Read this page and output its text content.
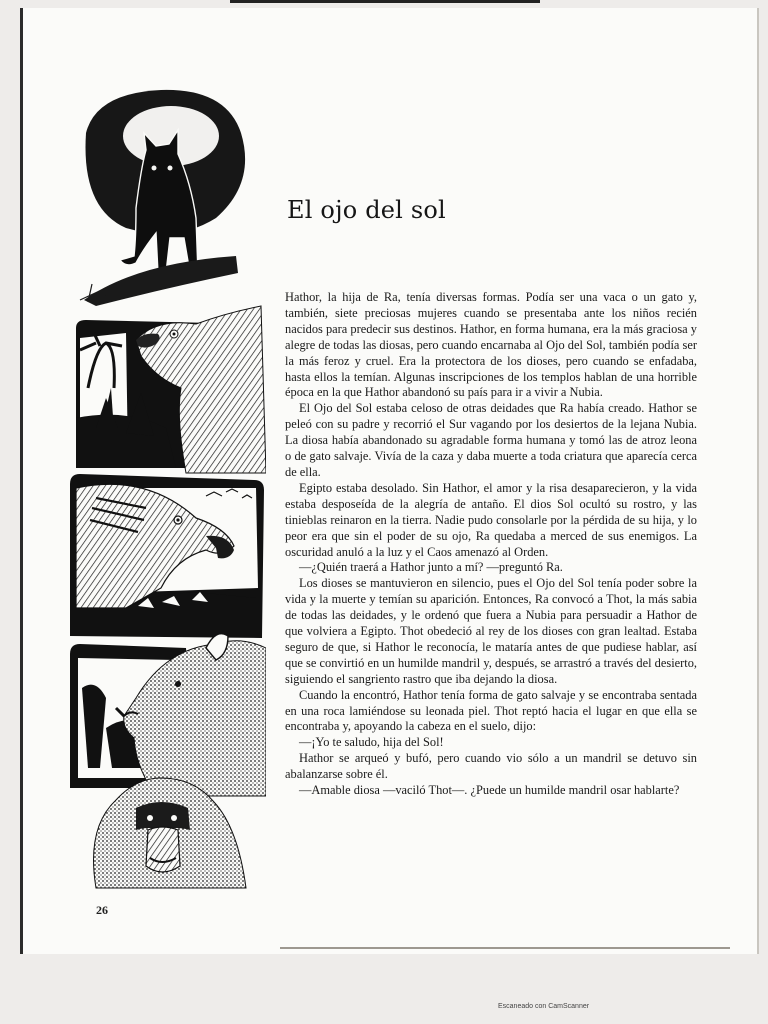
El ojo del sol

Hathor, la hija de Ra, tenía diversas formas. Podía ser una vaca o un gato y, también, siete preciosas mujeres cuando se presentaba ante los niños recién nacidos para predecir sus destinos. Hathor, en forma humana, era la más graciosa y alegre de todas las diosas, pero cuando encarnaba al Ojo del Sol, también podía ser la más feroz y cruel. Era la protectora de los dioses, pero cuando se enfadaba, hasta ellos la temían. Algunas inscripciones de los templos hablan de una horrible época en la que Hathor abandonó su país para ir a vivir a Nubia.

El Ojo del Sol estaba celoso de otras deidades que Ra había creado. Hathor se peleó con su padre y recorrió el Sur vagando por los desiertos de la lejana Nubia. La diosa había abandonado su agradable forma humana y tomó las de atroz leona o de gato salvaje. Vivía de la caza y daba muerte a toda criatura que aparecía cerca de ella.

Egipto estaba desolado. Sin Hathor, el amor y la risa desaparecieron, y la vida estaba desposeída de la alegría de antaño. El dios Sol ocultó su rostro, y las tinieblas reinaron en la tierra. Nadie pudo consolarle por la pérdida de su hija, y lo peor era que sin el poder de su ojo, Ra quedaba a merced de sus enemigos. La oscuridad anuló a la luz y el Caos amenazó al Orden.

—¿Quién traerá a Hathor junto a mí? —preguntó Ra.

Los dioses se mantuvieron en silencio, pues el Ojo del Sol tenía poder sobre la vida y la muerte y temían su aparición. Entonces, Ra convocó a Thot, la más sabia de todas las deidades, y le ordenó que fuera a Nubia para persuadir a Hathor de que volviera a Egipto. Thot obedeció al rey de los dioses con gran lealtad. Estaba seguro de que, si Hathor le reconocía, le mataría antes de que pudiese hablar, así que se convirtió en un humilde mandril y, después, se arrastró a través del desierto, siguiendo el sangriento rastro que iba dejando la diosa.

Cuando la encontró, Hathor tenía forma de gato salvaje y se encontraba sentada en una roca lamiéndose su leonada piel. Thot reptó hacia el lugar en que ella se encontraba y, apoyando la cabeza en el suelo, dijo:

—¡Yo te saludo, hija del Sol!

Hathor se arqueó y bufó, pero cuando vio sólo a un mandril se detuvo sin abalanzarse sobre él.

—Amable diosa —vaciló Thot—. ¿Puede un humilde mandril osar hablarte?

26
Escaneado con CamScanner
